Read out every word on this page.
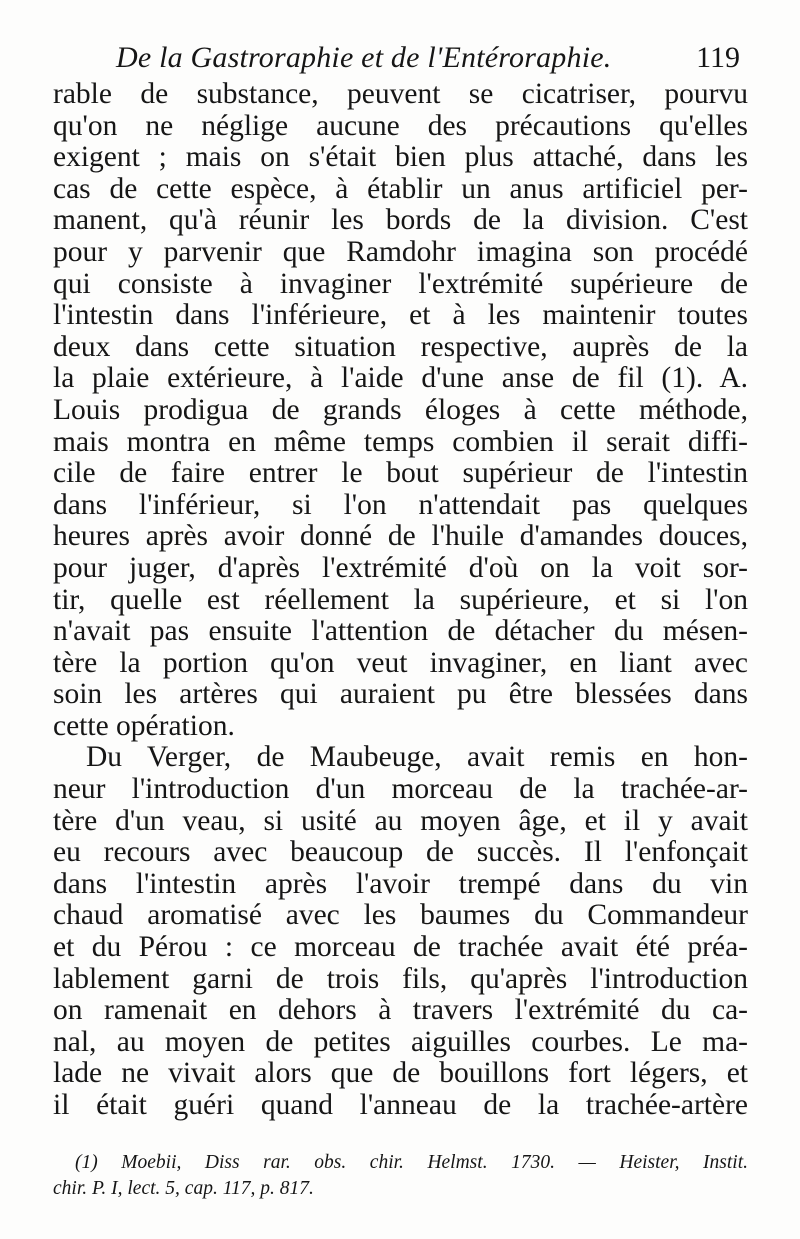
De la Gastroraphie et de l'Entéroraphie.	119
rable de substance, peuvent se cicatriser, pourvu
qu'on ne néglige aucune des précautions qu'elles
exigent ; mais on s'était bien plus attaché, dans les
cas de cette espèce, à établir un anus artificiel per-
manent, qu'à réunir les bords de la division. C'est
pour y parvenir que Ramdohr imagina son procédé
qui consiste à invaginer l'extrémité supérieure de
l'intestin dans l'inférieure, et à les maintenir toutes
deux dans cette situation respective, auprès de la
la plaie extérieure, à l'aide d'une anse de fil (1). A.
Louis prodigua de grands éloges à cette méthode,
mais montra en même temps combien il serait diffi-
cile de faire entrer le bout supérieur de l'intestin
dans l'inférieur, si l'on n'attendait pas quelques
heures après avoir donné de l'huile d'amandes douces,
pour juger, d'après l'extrémité d'où on la voit sor-
tir, quelle est réellement la supérieure, et si l'on
n'avait pas ensuite l'attention de détacher du mésen-
tère la portion qu'on veut invaginer, en liant avec
soin les artères qui auraient pu être blessées dans
cette opération.
Du Verger, de Maubeuge, avait remis en hon-
neur l'introduction d'un morceau de la trachée-ar-
tère d'un veau, si usité au moyen âge, et il y avait
eu recours avec beaucoup de succès. Il l'enfonçait
dans l'intestin après l'avoir trempé dans du vin
chaud aromatisé avec les baumes du Commandeur
et du Pérou : ce morceau de trachée avait été préa-
lablement garni de trois fils, qu'après l'introduction
on ramenait en dehors à travers l'extrémité du ca-
nal, au moyen de petites aiguilles courbes. Le ma-
lade ne vivait alors que de bouillons fort légers, et
il était guéri quand l'anneau de la trachée-artère
(1) Moebii, Diss rar. obs. chir. Helmst. 1730. — Heister, Instit.
chir. P. I, lect. 5, cap. 117, p. 817.
